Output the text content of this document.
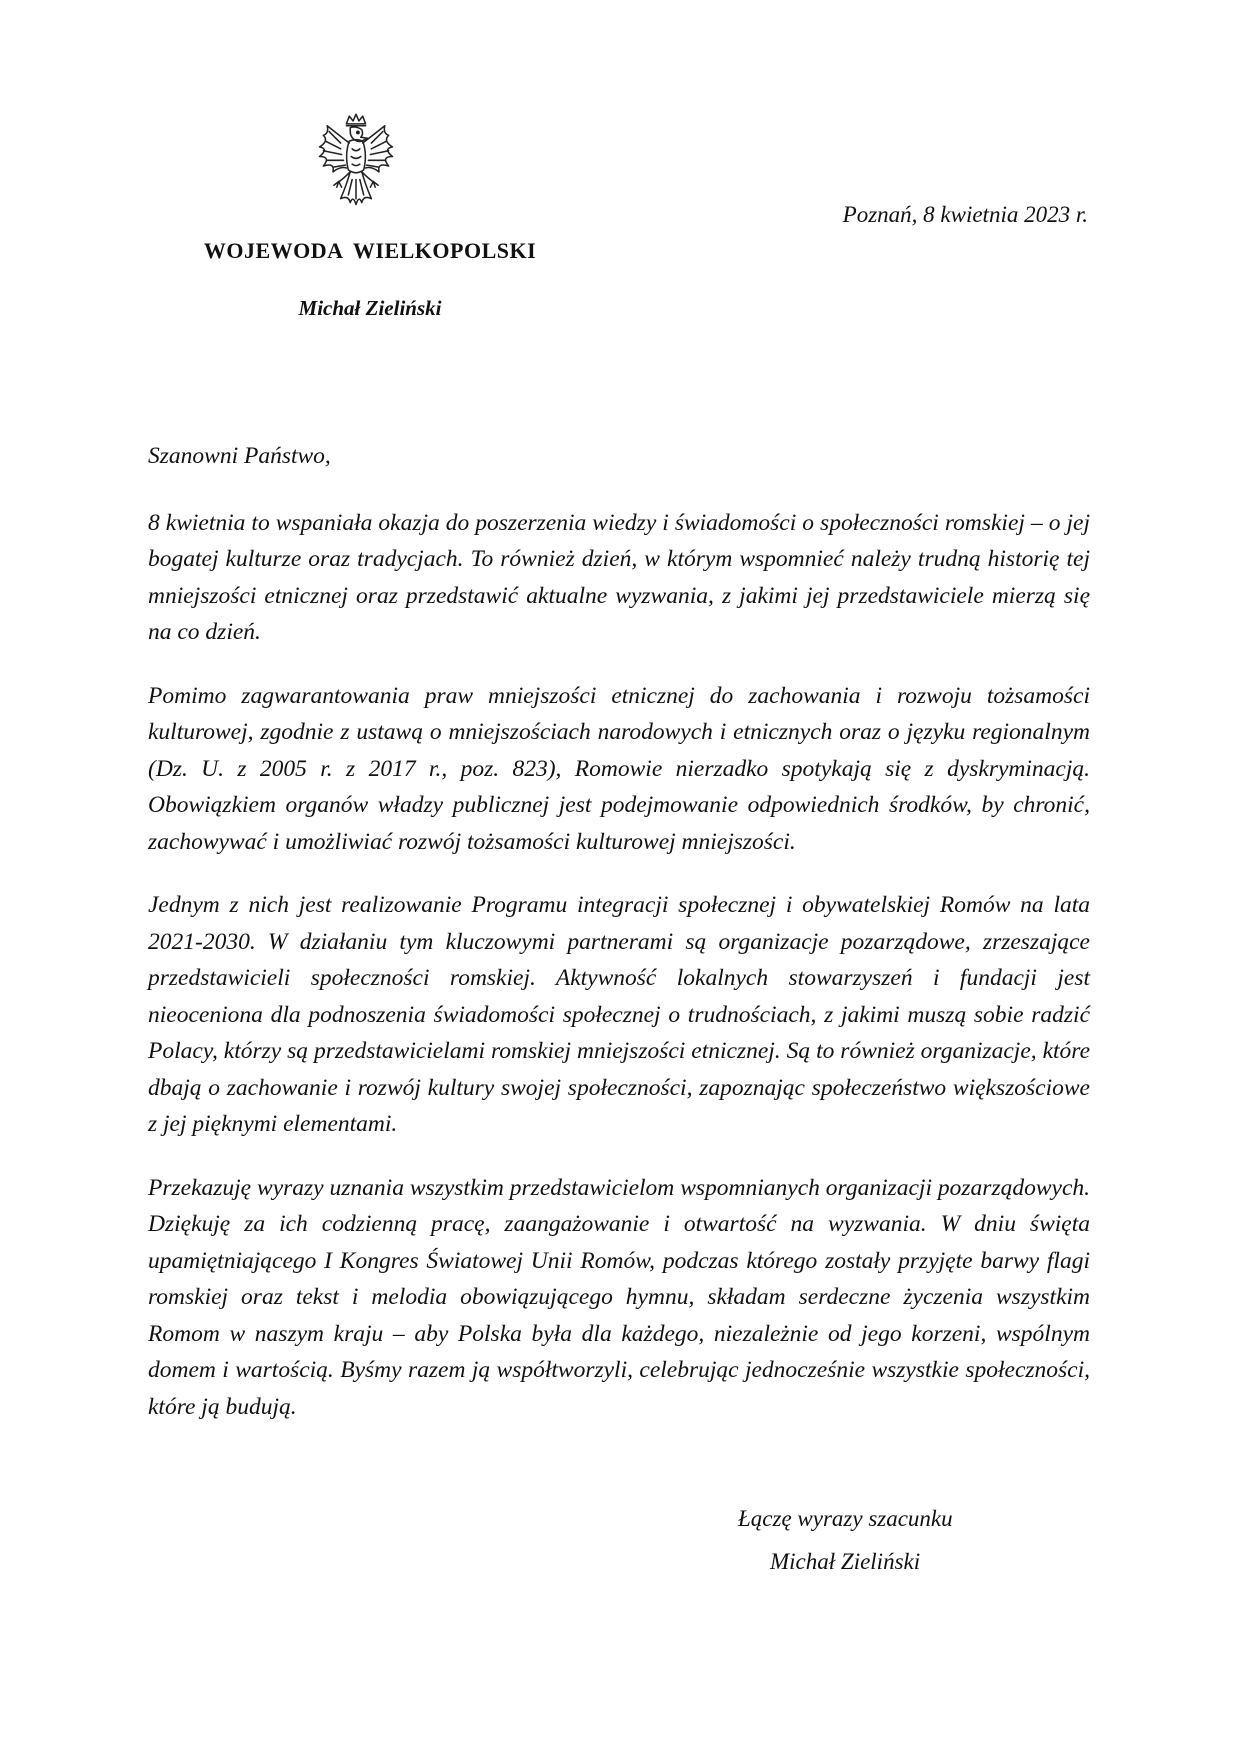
WOJEWODA WIELKOPOLSKI
Michał Zieliński
Poznań, 8 kwietnia 2023 r.

Szanowni Państwo,

8 kwietnia to wspaniała okazja do poszerzenia wiedzy i świadomości o społeczności romskiej – o jej bogatej kulturze oraz tradycjach. To również dzień, w którym wspomnieć należy trudną historię tej mniejszości etnicznej oraz przedstawić aktualne wyzwania, z jakimi jej przedstawiciele mierzą się na co dzień.

Pomimo zagwarantowania praw mniejszości etnicznej do zachowania i rozwoju tożsamości kulturowej, zgodnie z ustawą o mniejszościach narodowych i etnicznych oraz o języku regionalnym (Dz. U. z 2005 r. z 2017 r., poz. 823), Romowie nierzadko spotykają się z dyskryminacją. Obowiązkiem organów władzy publicznej jest podejmowanie odpowiednich środków, by chronić, zachowywać i umożliwiać rozwój tożsamości kulturowej mniejszości.

Jednym z nich jest realizowanie Programu integracji społecznej i obywatelskiej Romów na lata 2021-2030. W działaniu tym kluczowymi partnerami są organizacje pozarządowe, zrzeszające przedstawicieli społeczności romskiej. Aktywność lokalnych stowarzyszeń i fundacji jest nieoceniona dla podnoszenia świadomości społecznej o trudnościach, z jakimi muszą sobie radzić Polacy, którzy są przedstawicielami romskiej mniejszości etnicznej. Są to również organizacje, które dbają o zachowanie i rozwój kultury swojej społeczności, zapoznając społeczeństwo większościowe z jej pięknymi elementami.

Przekazuję wyrazy uznania wszystkim przedstawicielom wspomnianych organizacji pozarządowych. Dziękuję za ich codzienną pracę, zaangażowanie i otwartość na wyzwania. W dniu święta upamiętniającego I Kongres Światowej Unii Romów, podczas którego zostały przyjęte barwy flagi romskiej oraz tekst i melodia obowiązującego hymnu, składam serdeczne życzenia wszystkim Romom w naszym kraju – aby Polska była dla każdego, niezależnie od jego korzeni, wspólnym domem i wartością. Byśmy razem ją współtworzyli, celebrując jednocześnie wszystkie społeczności, które ją budują.

Łączę wyrazy szacunku
Michał Zieliński
